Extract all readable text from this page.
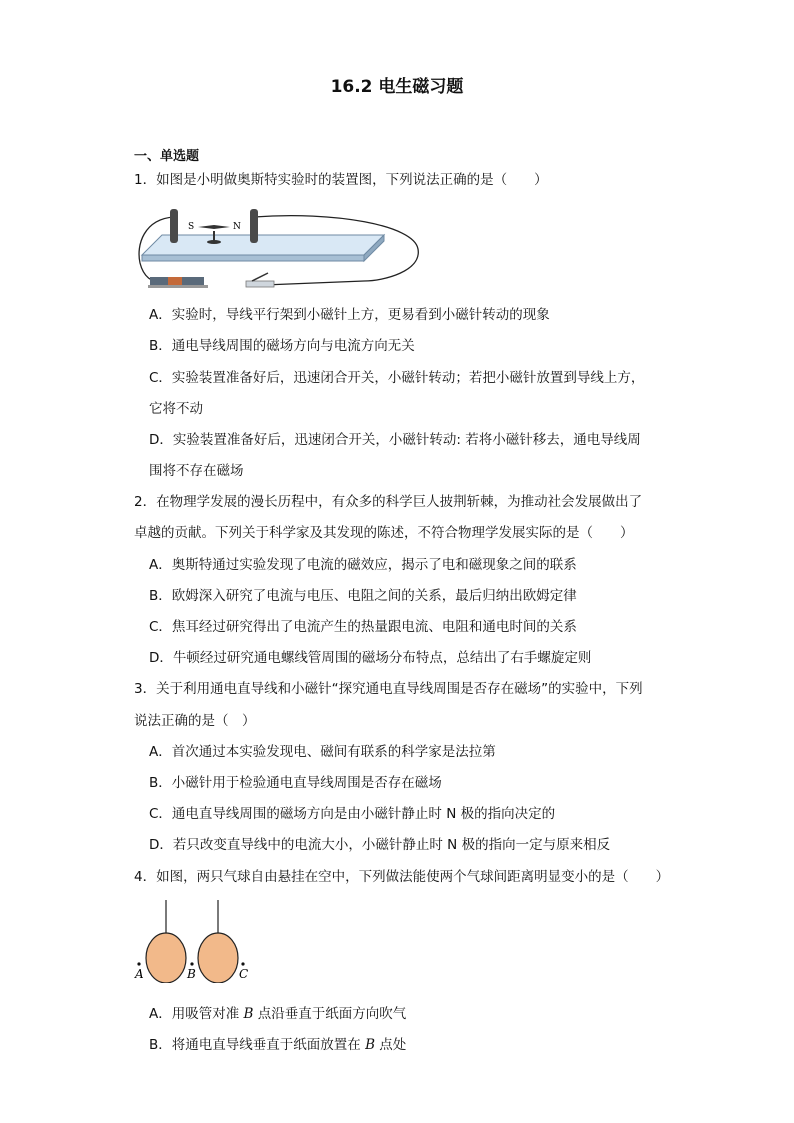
16.2 电生磁习题
一、单选题
1．如图是小明做奥斯特实验时的装置图，下列说法正确的是（　　）
S	N
A．实验时，导线平行架到小磁针上方，更易看到小磁针转动的现象
B．通电导线周围的磁场方向与电流方向无关
C．实验装置准备好后，迅速闭合开关，小磁针转动；若把小磁针放置到导线上方，
它将不动
D．实验装置准备好后，迅速闭合开关，小磁针转动: 若将小磁针移去，通电导线周
围将不存在磁场
2．在物理学发展的漫长历程中，有众多的科学巨人披荆斩棘，为推动社会发展做出了
卓越的贡献。下列关于科学家及其发现的陈述，不符合物理学发展实际的是（　　）
A．奥斯特通过实验发现了电流的磁效应，揭示了电和磁现象之间的联系
B．欧姆深入研究了电流与电压、电阻之间的关系，最后归纳出欧姆定律
C．焦耳经过研究得出了电流产生的热量跟电流、电阻和通电时间的关系
D．牛顿经过研究通电螺线管周围的磁场分布特点，总结出了右手螺旋定则
3．关于利用通电直导线和小磁针“探究通电直导线周围是否存在磁场”的实验中，下列
说法正确的是（　）
A．首次通过本实验发现电、磁间有联系的科学家是法拉第
B．小磁针用于检验通电直导线周围是否存在磁场
C．通电直导线周围的磁场方向是由小磁针静止时 N 极的指向决定的
D．若只改变直导线中的电流大小，小磁针静止时 N 极的指向一定与原来相反
4．如图，两只气球自由悬挂在空中，下列做法能使两个气球间距离明显变小的是（　　）
A	B	C
A．用吸管对准 B 点沿垂直于纸面方向吹气
B．将通电直导线垂直于纸面放置在 B 点处
